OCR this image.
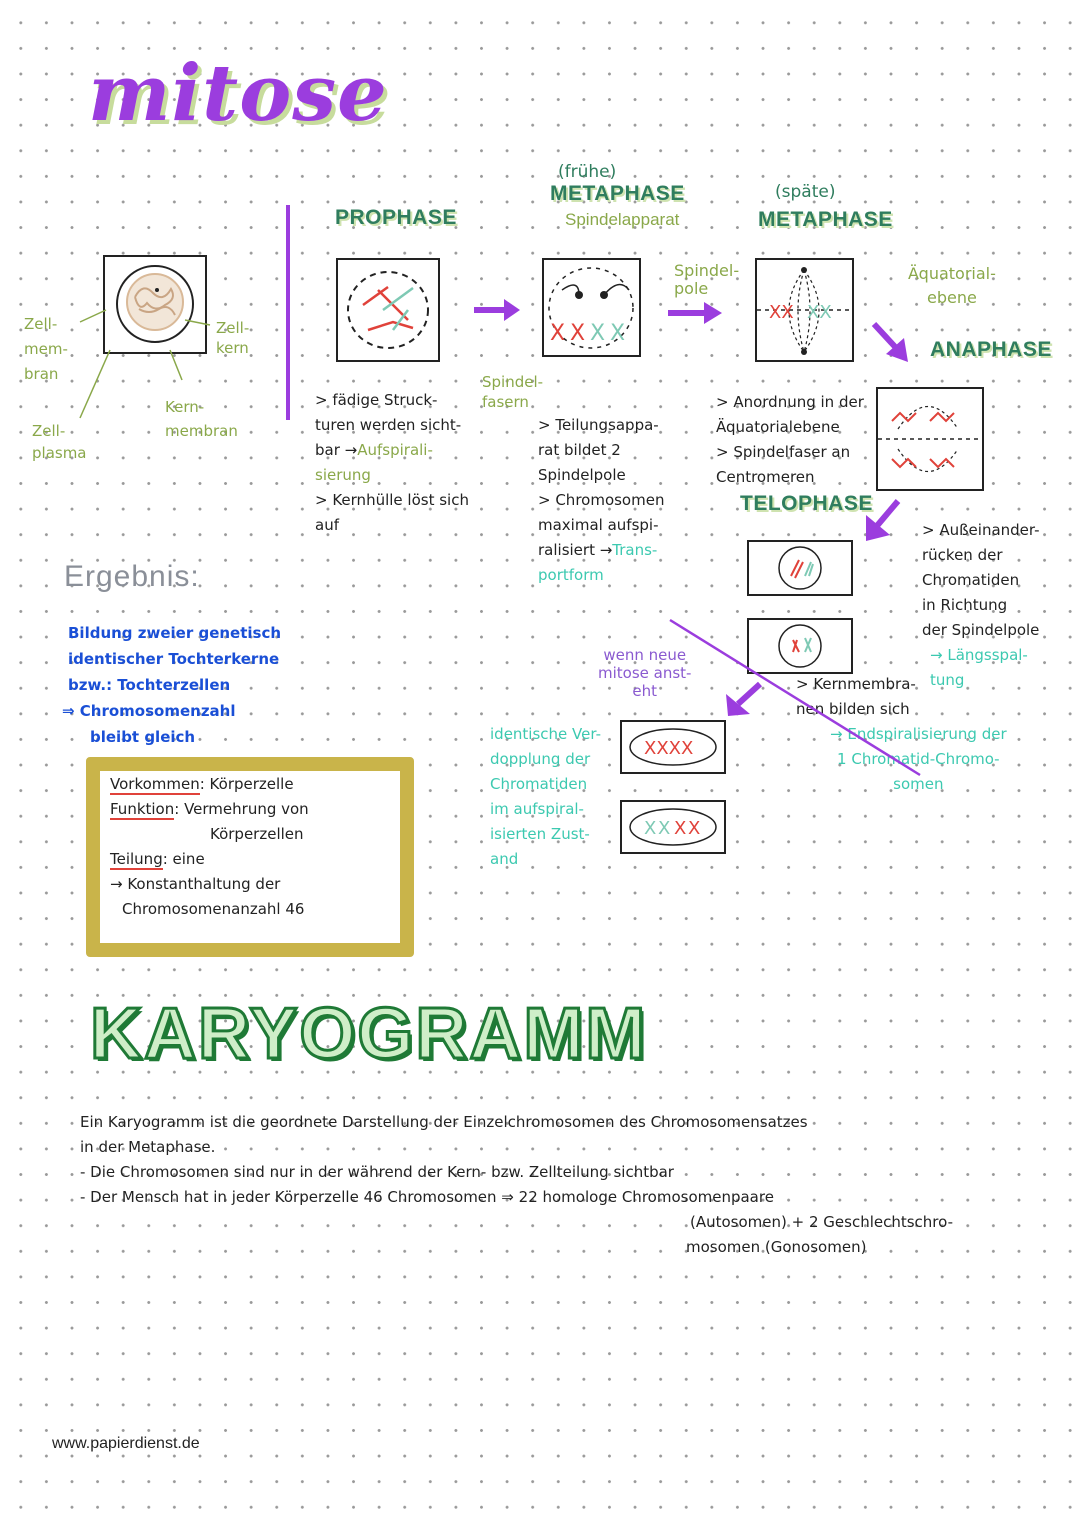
mitose
Zell-
mem-
bran
Zell-
kern
Zell-
plasma
Kern-
membran
PROPHASE
> fädige Struck-
turen werden sicht-
bar →Aufspirali-
sierung
> Kernhülle löst sich
auf
Spindel-
fasern
(frühe)
METAPHASE
Spindelapparat
X X X X
Spindel-
pole
> Teilungsappa-
rat bildet 2
Spindelpole
> Chromosomen
maximal aufspi-
ralisiert →Trans-
portform
(späte)
METAPHASE
XX XX
Äquatorial-
ebene
> Anordnung in der
Äquatorialebene
> Spindelfaser an
Centromeren
ANAPHASE
> Außeinander-
rücken der
Chromatiden
in Richtung
der Spindelpole
→ Längsspal-
tung
TELOPHASE
> Kernmembra-
nen bilden sich
→ Endspiralisierung der
1 Chromatid-Chromo-
somen
wenn neue
mitose anst-
eht
XXXX
X X X X
identische Ver-
dopplung der
Chromatiden
im aufspiral-
isierten Zust-
and
Ergebnis:
Bildung zweier genetisch
identischer Tochterkerne
bzw.: Tochterzellen
⇒ Chromosomenzahl
bleibt gleich
Vorkommen: Körperzelle
Funktion: Vermehrung von
Körperzellen
Teilung: eine
→ Konstanthaltung der
Chromosomenanzahl 46
KARYOGRAMM
Ein Karyogramm ist die geordnete Darstellung der Einzelchromosomen des Chromosomensatzes
in der Metaphase.
- Die Chromosomen sind nur in der während der Kern- bzw. Zellteilung sichtbar
- Der Mensch hat in jeder Körperzelle 46 Chromosomen ⇒ 22 homologe Chromosomenpaare
(Autosomen) + 2 Geschlechtschro-
mosomen (Gonosomen)
www.papierdienst.de
